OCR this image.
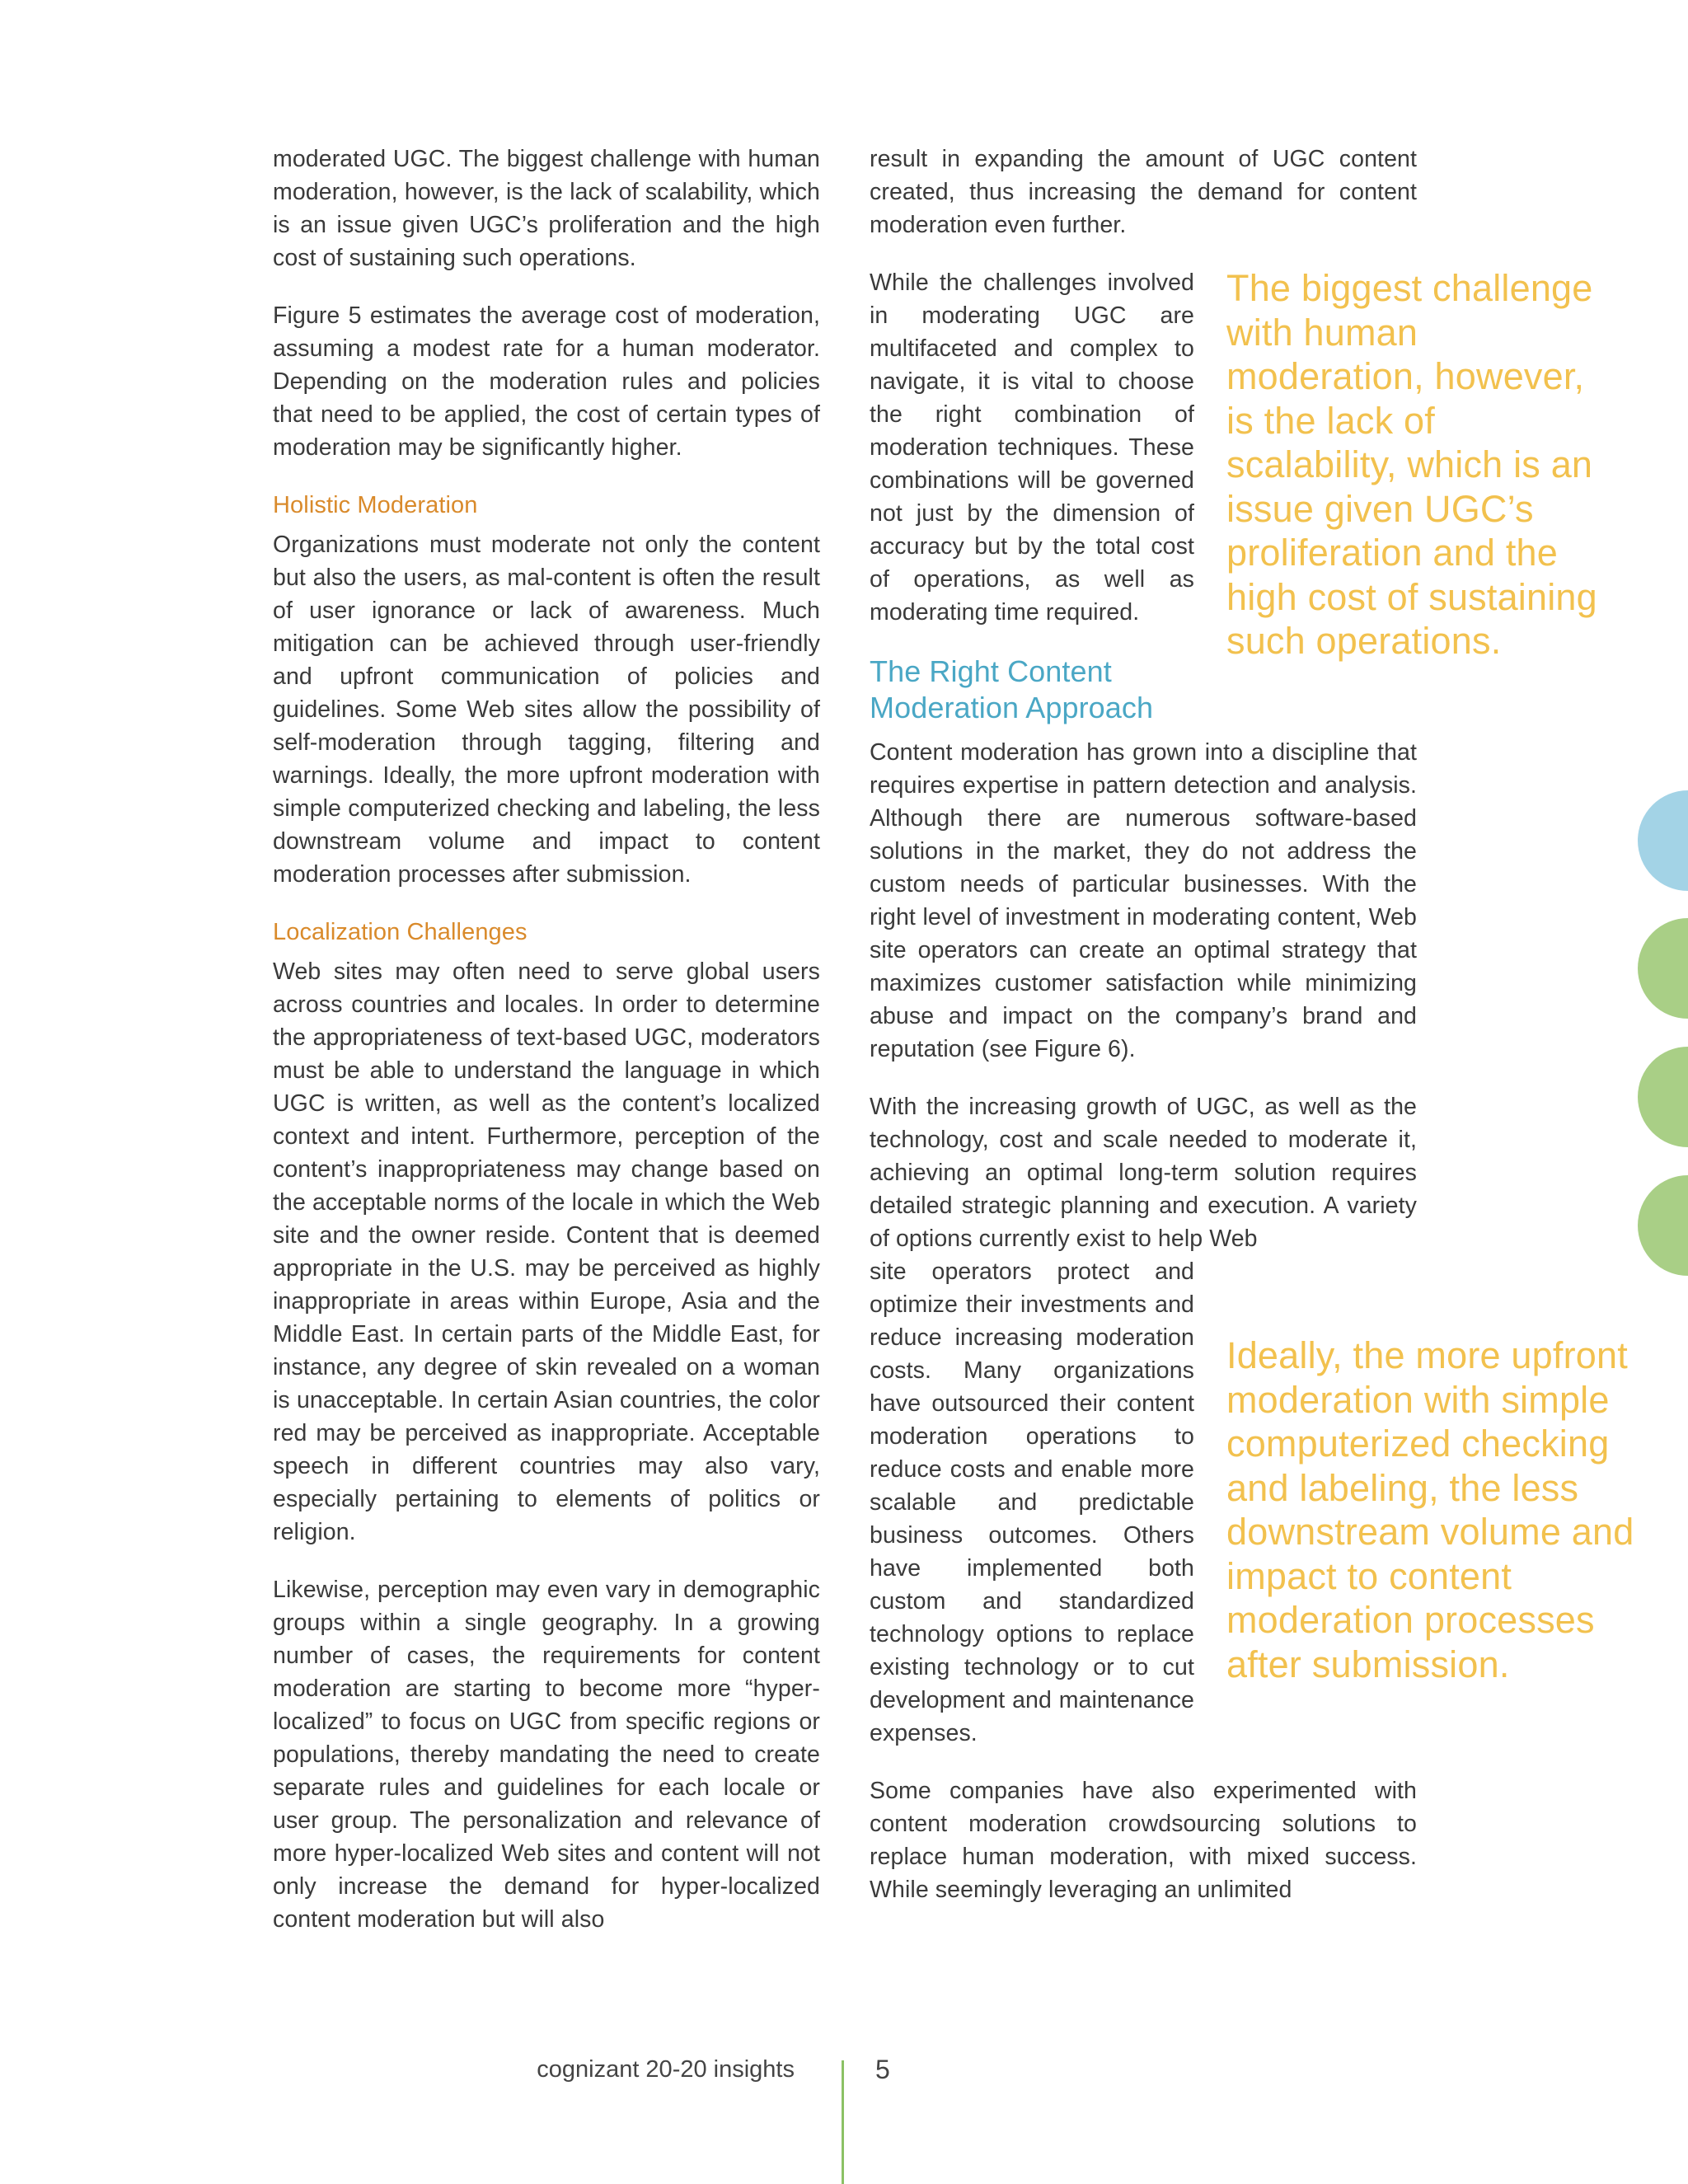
moderated UGC. The biggest challenge with human moderation, however, is the lack of scalability, which is an issue given UGC’s proliferation and the high cost of sustaining such operations.

Figure 5 estimates the average cost of moderation, assuming a modest rate for a human moderator. Depending on the moderation rules and policies that need to be applied, the cost of certain types of moderation may be significantly higher.

Holistic Moderation

Organizations must moderate not only the content but also the users, as mal-content is often the result of user ignorance or lack of awareness. Much mitigation can be achieved through user-friendly and upfront communication of policies and guidelines. Some Web sites allow the possibility of self-moderation through tagging, filtering and warnings. Ideally, the more upfront moderation with simple computerized checking and labeling, the less downstream volume and impact to content moderation processes after submission.

Localization Challenges

Web sites may often need to serve global users across countries and locales. In order to determine the appropriateness of text-based UGC, moderators must be able to understand the language in which UGC is written, as well as the content’s localized context and intent. Furthermore, perception of the content’s inappropriateness may change based on the acceptable norms of the locale in which the Web site and the owner reside. Content that is deemed appropriate in the U.S. may be perceived as highly inappropriate in areas within Europe, Asia and the Middle East. In certain parts of the Middle East, for instance, any degree of skin revealed on a woman is unacceptable. In certain Asian countries, the color red may be perceived as inappropriate. Acceptable speech in different countries may also vary, especially pertaining to elements of politics or religion.

Likewise, perception may even vary in demographic groups within a single geography. In a growing number of cases, the requirements for content moderation are starting to become more “hyper-localized” to focus on UGC from specific regions or populations, thereby mandating the need to create separate rules and guidelines for each locale or user group. The personalization and relevance of more hyper-localized Web sites and content will not only increase the demand for hyper-localized content moderation but will also

result in expanding the amount of UGC content created, thus increasing the demand for content moderation even further.

While the challenges involved in moderating UGC are multifaceted and complex to navigate, it is vital to choose the right combination of moderation techniques. These combinations will be governed not just by the dimension of accuracy but by the total cost of operations, as well as moderating time required.

The Right Content Moderation Approach

Content moderation has grown into a discipline that requires expertise in pattern detection and analysis. Although there are numerous software-based solutions in the market, they do not address the custom needs of particular businesses. With the right level of investment in moderating content, Web site operators can create an optimal strategy that maximizes customer satisfaction while minimizing abuse and impact on the company’s brand and reputation (see Figure 6).

With the increasing growth of UGC, as well as the technology, cost and scale needed to moderate it, achieving an optimal long-term solution requires detailed strategic planning and execution. A variety of options currently exist to help Web

site operators protect and optimize their investments and reduce increasing moderation costs. Many organizations have outsourced their content moderation operations to reduce costs and enable more scalable and predictable business outcomes. Others have implemented both custom and standardized technology options to replace existing technology or to cut development and maintenance expenses.

Some companies have also experimented with content moderation crowdsourcing solutions to replace human moderation, with mixed success. While seemingly leveraging an unlimited

The biggest challenge with human moderation, however, is the lack of scalability, which is an issue given UGC’s proliferation and the high cost of sustaining such operations.
Ideally, the more upfront moderation with simple computerized checking and labeling, the less downstream volume and impact to content moderation processes after submission.
cognizant 20-20 insights	5
